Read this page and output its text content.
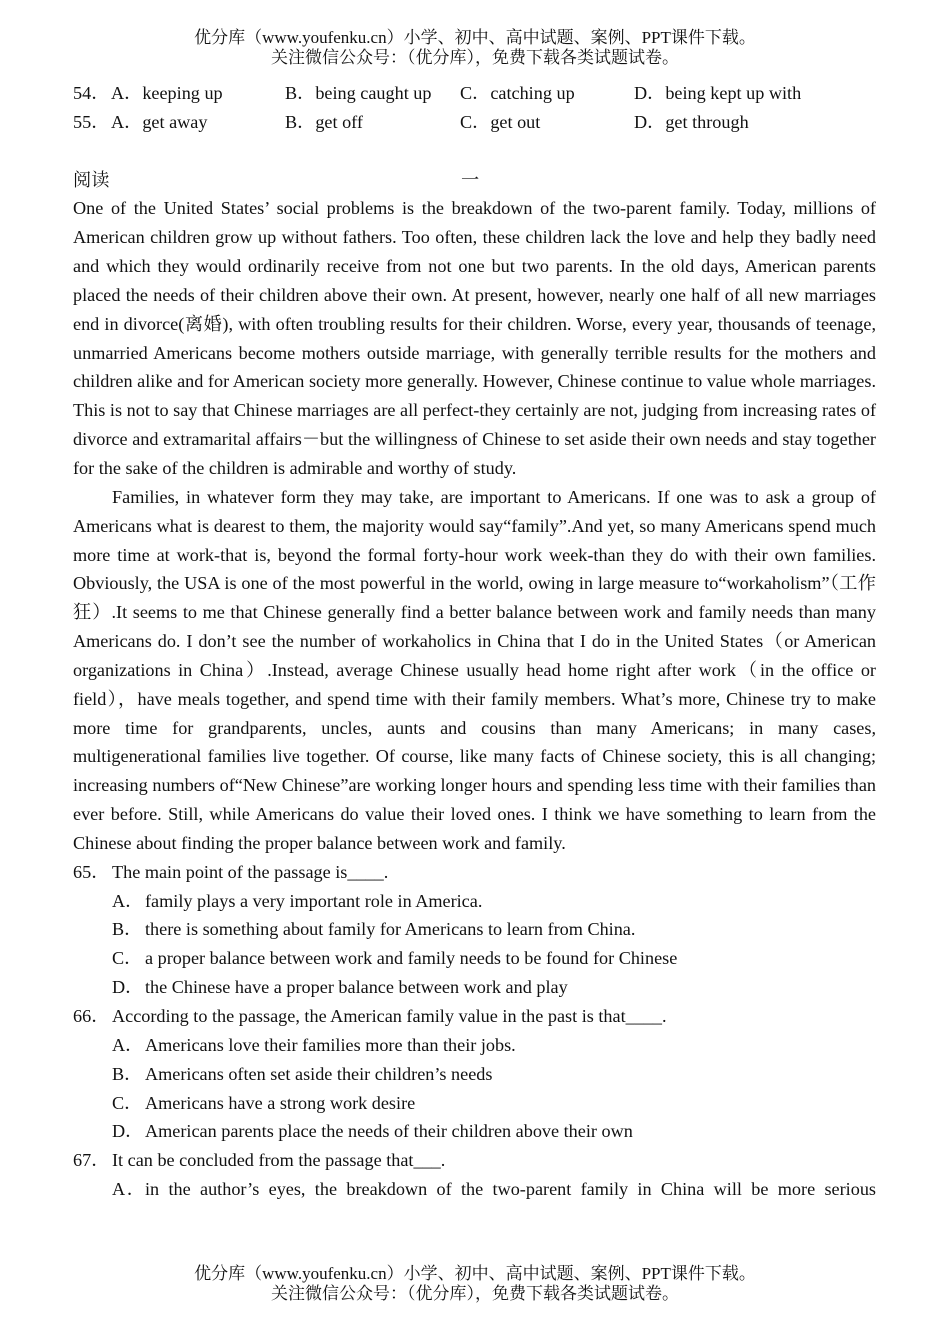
优分库（www.youfenku.cn）小学、初中、高中试题、案例、PPT课件下载。
关注微信公众号：（优分库），免费下载各类试题试卷。
54． A．keeping up	B．being caught up C．catching up	D．being kept up with
55． A．get away	B．get off	C．get out	D．get through
阅读	一

One of the United States’ social problems is the breakdown of the two-parent family. Today, millions of American children grow up without fathers. Too often, these children lack the love and help they badly need and which they would ordinarily receive from not one but two parents. In the old days, American parents placed the needs of their children above their own. At present, however, nearly one half of all new marriages end in divorce(离婚), with often troubling results for their children. Worse, every year, thousands of teenage, unmarried Americans become mothers outside marriage, with generally terrible results for the mothers and children alike and for American society more generally. However, Chinese continue to value whole marriages. This is not to say that Chinese marriages are all perfect-they certainly are not, judging from increasing rates of divorce and extramarital affairs－but the willingness of Chinese to set aside their own needs and stay together for the sake of the children is admirable and worthy of study.

Families, in whatever form they may take, are important to Americans. If one was to ask a group of Americans what is dearest to them, the majority would say“family”.And yet, so many Americans spend much more time at work-that is, beyond the formal forty-hour work week-than they do with their own families. Obviously, the USA is one of the most powerful in the world, owing in large measure to“workaholism”（工作狂）.It seems to me that Chinese generally find a better balance between work and family needs than many Americans do. I don’t see the number of workaholics in China that I do in the United States（or American organizations in China）.Instead, average Chinese usually head home right after work（in the office or field），have meals together, and spend time with their family members. What’s more, Chinese try to make more time for grandparents, uncles, aunts and cousins than many Americans; in many cases, multigenerational families live together. Of course, like many facts of Chinese society, this is all changing; increasing numbers of“New Chinese”are working longer hours and spending less time with their families than ever before. Still, while Americans do value their loved ones. I think we have something to learn from the Chinese about finding the proper balance between work and family.

65． The main point of the passage is____.
A．family plays a very important role in America.
B． there is something about family for Americans to learn from China.
C． a proper balance between work and family needs to be found for Chinese
D．the Chinese have a proper balance between work and play
66． According to the passage, the American family value in the past is that____.
A．Americans love their families more than their jobs.
B． Americans often set aside their children’s needs
C． Americans have a strong work desire
D．American parents place the needs of their children above their own
67． It can be concluded from the passage that___.
A．in the author’s eyes, the breakdown of the two-parent family in China will be more serious
优分库（www.youfenku.cn）小学、初中、高中试题、案例、PPT课件下载。
关注微信公众号：（优分库），免费下载各类试题试卷。
